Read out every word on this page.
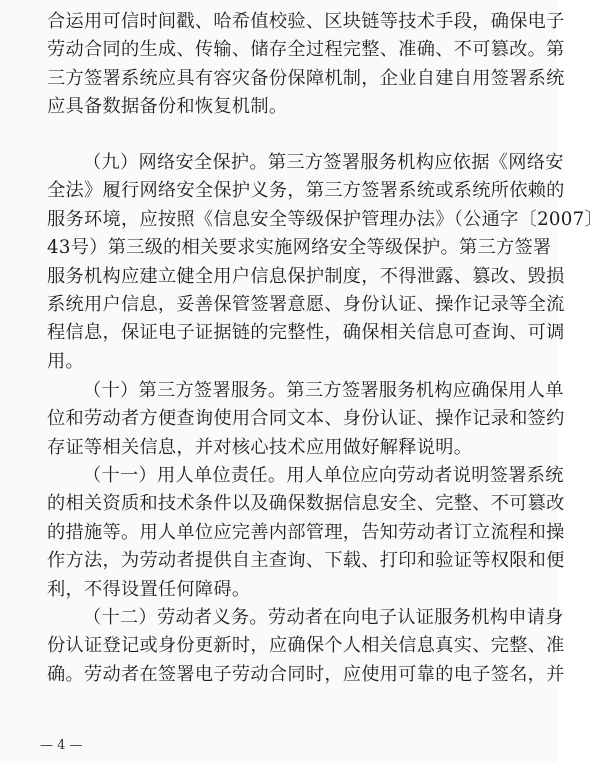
合运用可信时间戳、哈希值校验、区块链等技术手段，确保电子
劳动合同的生成、传输、储存全过程完整、准确、不可篡改。第
三方签署系统应具有容灾备份保障机制，企业自建自用签署系统
应具备数据备份和恢复机制。

（九）网络安全保护。第三方签署服务机构应依据《网络安
全法》履行网络安全保护义务，第三方签署系统或系统所依赖的
服务环境，应按照《信息安全等级保护管理办法》（公通字〔2007〕
43号）第三级的相关要求实施网络安全等级保护。第三方签署
服务机构应建立健全用户信息保护制度，不得泄露、篡改、毁损
系统用户信息，妥善保管签署意愿、身份认证、操作记录等全流
程信息，保证电子证据链的完整性，确保相关信息可查询、可调
用。

（十）第三方签署服务。第三方签署服务机构应确保用人单
位和劳动者方便查询使用合同文本、身份认证、操作记录和签约
存证等相关信息，并对核心技术应用做好解释说明。

（十一）用人单位责任。用人单位应向劳动者说明签署系统
的相关资质和技术条件以及确保数据信息安全、完整、不可篡改
的措施等。用人单位应完善内部管理，告知劳动者订立流程和操
作方法，为劳动者提供自主查询、下载、打印和验证等权限和便
利，不得设置任何障碍。

（十二）劳动者义务。劳动者在向电子认证服务机构申请身
份认证登记或身份更新时，应确保个人相关信息真实、完整、准
确。劳动者在签署电子劳动合同时，应使用可靠的电子签名，并

— 4 —
